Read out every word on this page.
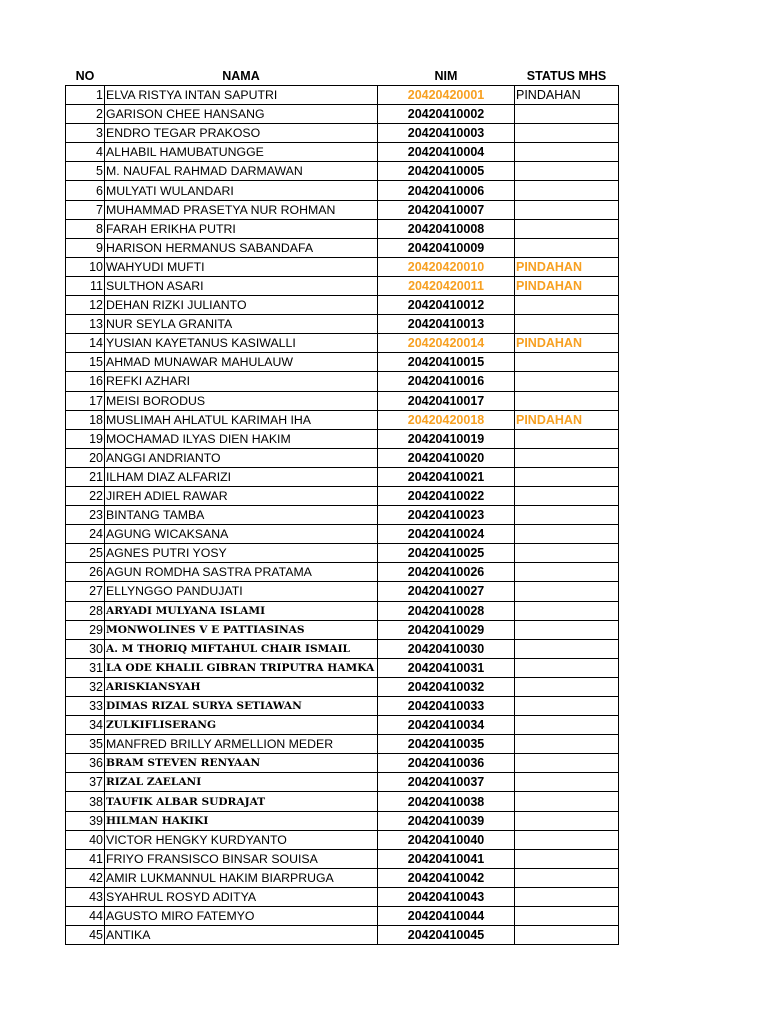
NO	NAMA	NIM	STATUS MHS
1	ELVA RISTYA INTAN SAPUTRI	20420420001	PINDAHAN
2	GARISON CHEE HANSANG	20420410002	
3	ENDRO TEGAR PRAKOSO	20420410003	
4	ALHABIL HAMUBATUNGGE	20420410004	
5	M. NAUFAL RAHMAD DARMAWAN	20420410005	
6	MULYATI WULANDARI	20420410006	
7	MUHAMMAD PRASETYA NUR ROHMAN	20420410007	
8	FARAH ERIKHA PUTRI	20420410008	
9	HARISON HERMANUS SABANDAFA	20420410009	
10	WAHYUDI MUFTI	20420420010	PINDAHAN
11	SULTHON ASARI	20420420011	PINDAHAN
12	DEHAN RIZKI JULIANTO	20420410012	
13	NUR SEYLA GRANITA	20420410013	
14	YUSIAN KAYETANUS KASIWALLI	20420420014	PINDAHAN
15	AHMAD MUNAWAR MAHULAUW	20420410015	
16	REFKI AZHARI	20420410016	
17	MEISI BORODUS	20420410017	
18	MUSLIMAH AHLATUL KARIMAH IHA	20420420018	PINDAHAN
19	MOCHAMAD ILYAS DIEN HAKIM	20420410019	
20	ANGGI ANDRIANTO	20420410020	
21	ILHAM DIAZ ALFARIZI	20420410021	
22	JIREH ADIEL RAWAR	20420410022	
23	BINTANG TAMBA	20420410023	
24	AGUNG WICAKSANA	20420410024	
25	AGNES PUTRI YOSY	20420410025	
26	AGUN ROMDHA SASTRA PRATAMA	20420410026	
27	ELLYNGGO PANDUJATI	20420410027	
28	ARYADI MULYANA ISLAMI	20420410028	
29	MONWOLINES V E PATTIASINAS	20420410029	
30	A. M THORIQ MIFTAHUL CHAIR ISMAIL	20420410030	
31	LA ODE KHALIL GIBRAN TRIPUTRA HAMKA	20420410031	
32	ARISKIANSYAH	20420410032	
33	DIMAS RIZAL SURYA SETIAWAN	20420410033	
34	ZULKIFLISERANG	20420410034	
35	MANFRED BRILLY ARMELLION MEDER	20420410035	
36	BRAM STEVEN RENYAAN	20420410036	
37	RIZAL ZAELANI	20420410037	
38	TAUFIK ALBAR SUDRAJAT	20420410038	
39	HILMAN HAKIKI	20420410039	
40	VICTOR HENGKY KURDYANTO	20420410040	
41	FRIYO FRANSISCO BINSAR SOUISA	20420410041	
42	AMIR LUKMANNUL HAKIM BIARPRUGA	20420410042	
43	SYAHRUL ROSYD ADITYA	20420410043	
44	AGUSTO MIRO FATEMYO	20420410044	
45	ANTIKA	20420410045	
